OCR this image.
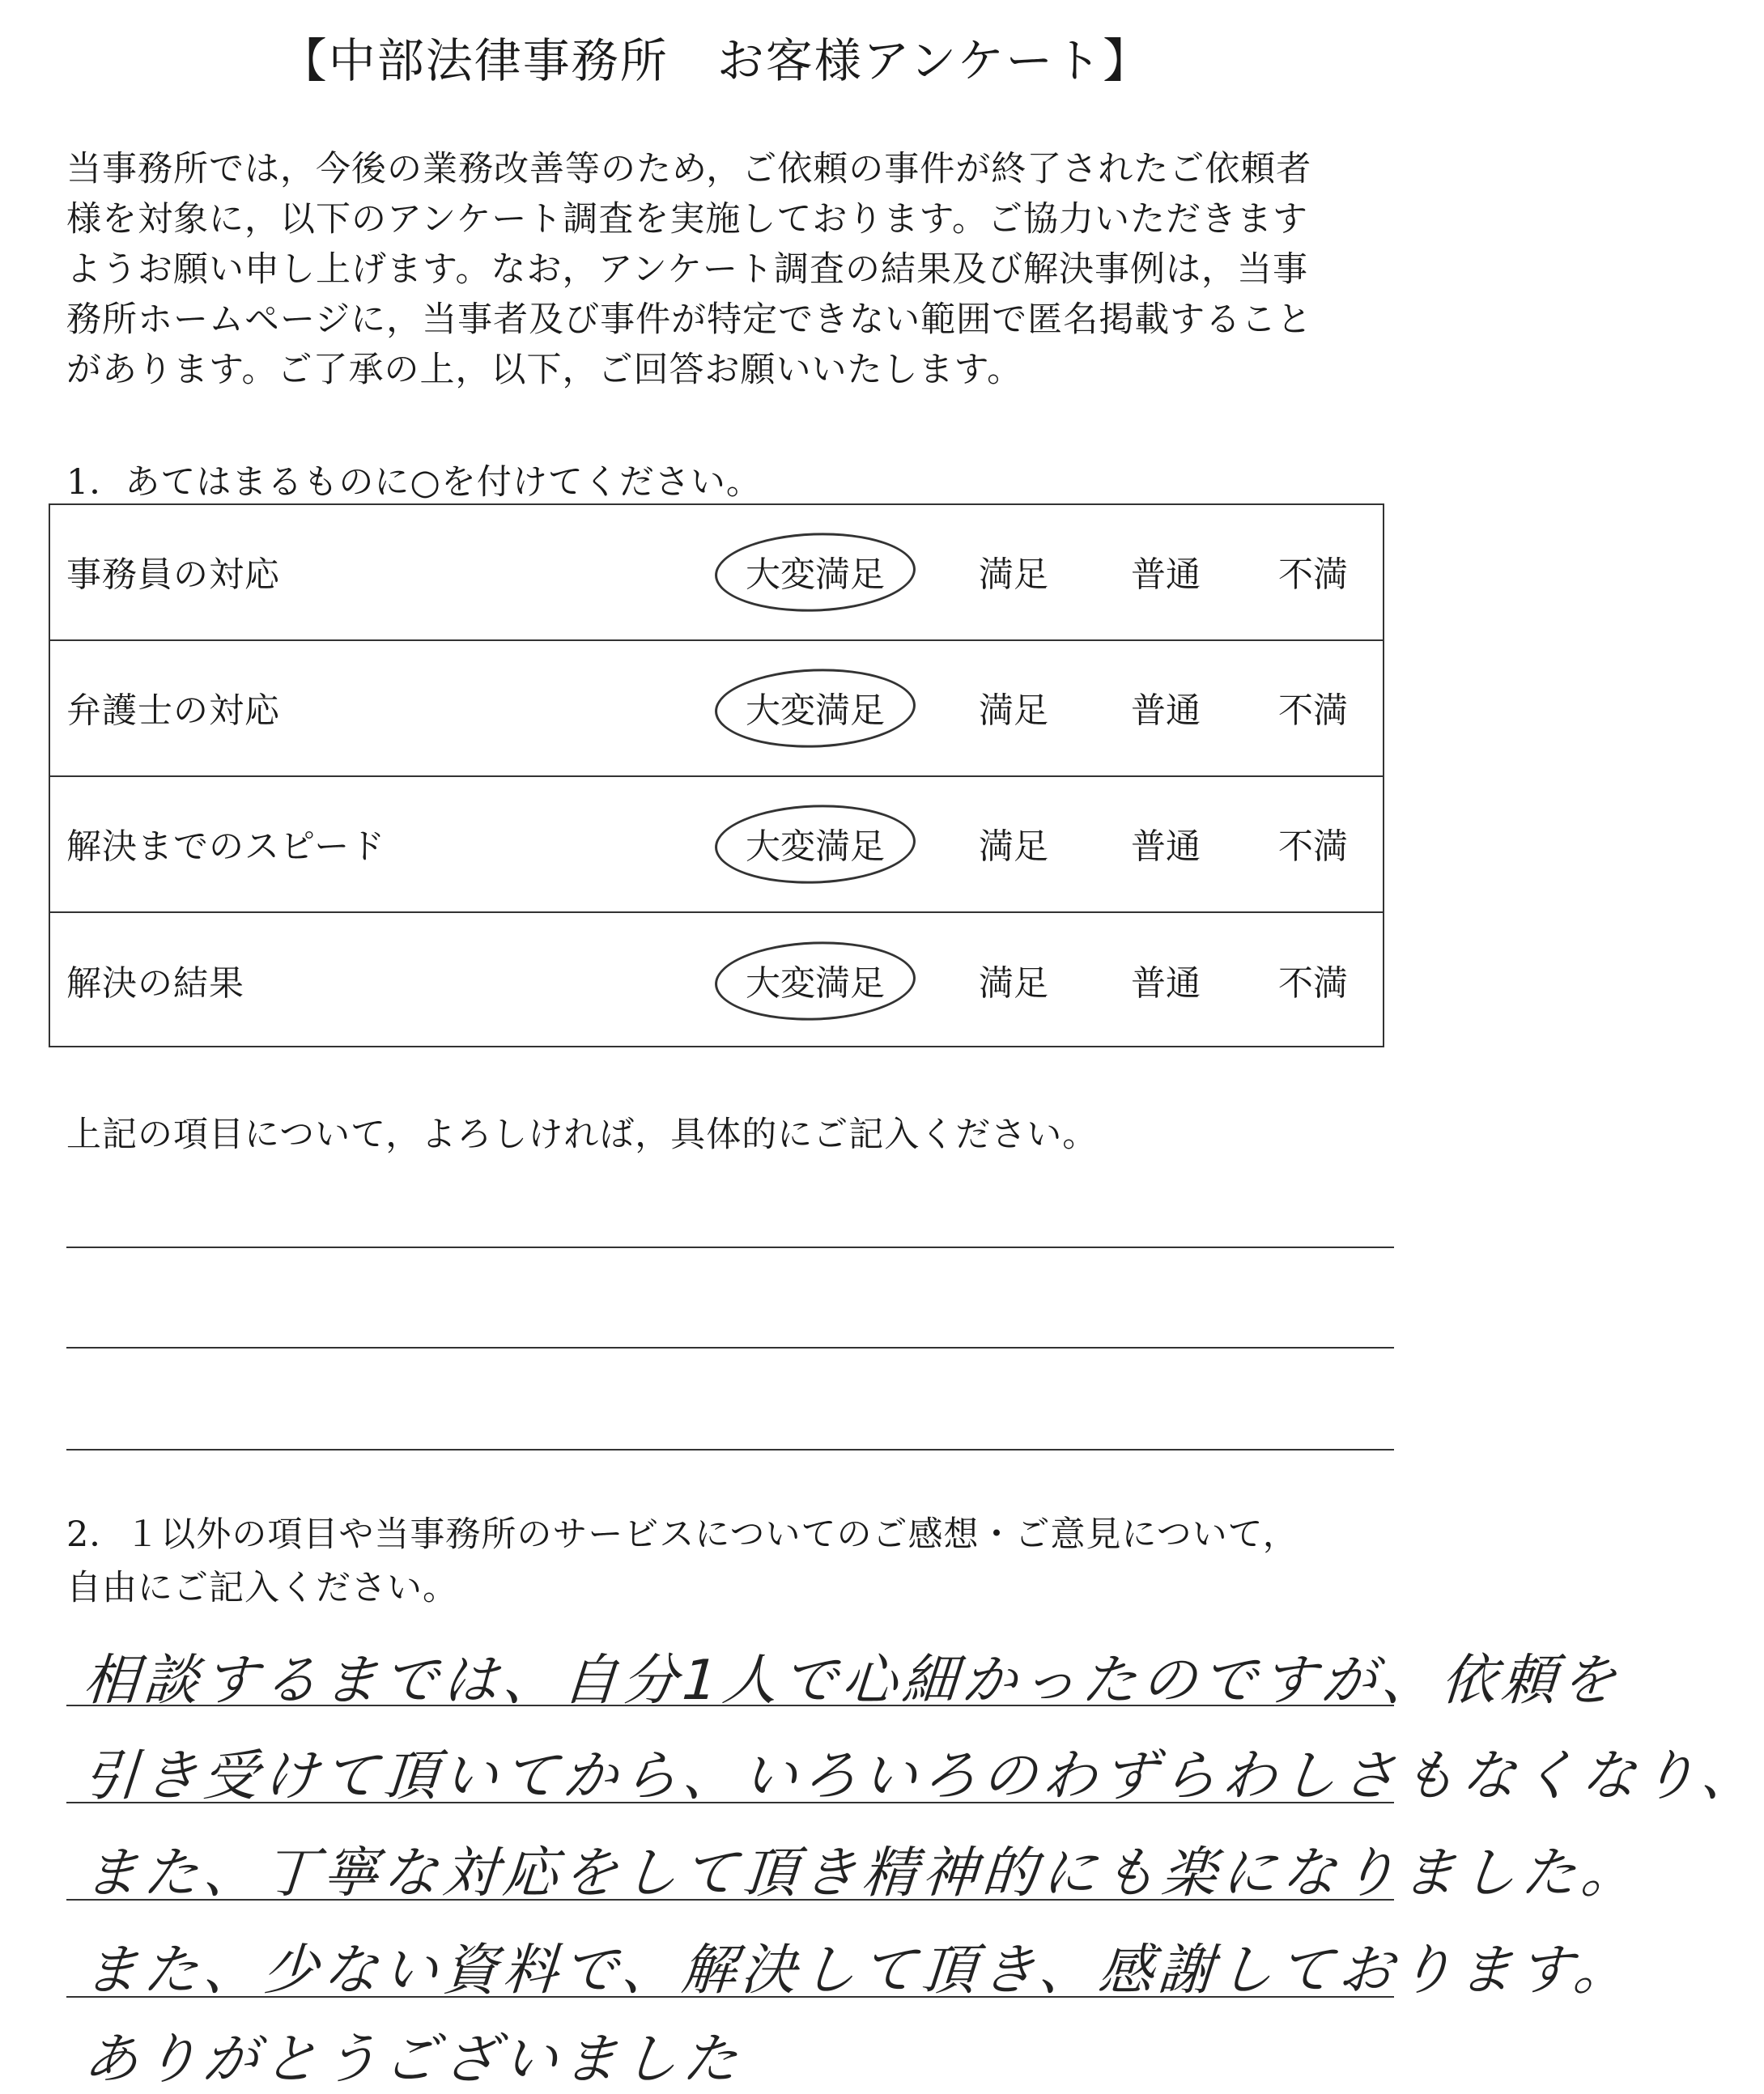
【中部法律事務所　お客様アンケート】

当事務所では，今後の業務改善等のため，ご依頼の事件が終了されたご依頼者

様を対象に，以下のアンケート調査を実施しております。ご協力いただきます

ようお願い申し上げます。なお，アンケート調査の結果及び解決事例は，当事

務所ホームページに，当事者及び事件が特定できない範囲で匿名掲載すること

があります。ご了承の上，以下，ご回答お願いいたします。

1．あてはまるものに○を付けてください。
事務員の対応	大変満足	満足	普通	不満
弁護士の対応	大変満足	満足	普通	不満
解決までのスピード	大変満足	満足	普通	不満
解決の結果	大変満足	満足	普通	不満
上記の項目について，よろしければ，具体的にご記入ください。
2．１以外の項目や当事務所のサービスについてのご感想・ご意見について，
自由にご記入ください。
相談するまでは、自分1人で心細かったのですが、依頼を
引き受けて頂いてから、いろいろのわずらわしさもなくなり、
また、丁寧な対応をして頂き精神的にも楽になりました。
また、少ない資料で、解決して頂き、感謝しております。
ありがとうございました
